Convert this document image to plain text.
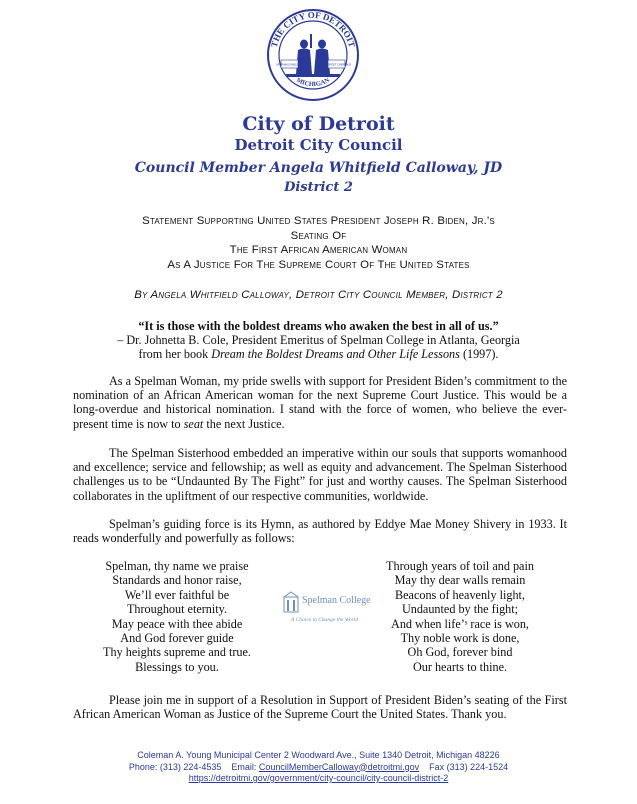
THE CITY OF DETROIT
MICHIGAN
SPERAMUS MELIORA	RESURGET CINERIBUS
City of Detroit
Detroit City Council
Council Member Angela Whitfield Calloway, JD
District 2
Statement Supporting United States President Joseph R. Biden, Jr.'s
Seating Of
The First African American Woman
As A Justice For The Supreme Court Of The United States
By Angela Whitfield Calloway, Detroit City Council Member, District 2
“It is those with the boldest dreams who awaken the best in all of us.”
– Dr. Johnetta B. Cole, President Emeritus of Spelman College in Atlanta, Georgia
from her book Dream the Boldest Dreams and Other Life Lessons (1997).
As a Spelman Woman, my pride swells with support for President Biden’s commitment to the nomination of an African American woman for the next Supreme Court Justice. This would be a long-overdue and historical nomination. I stand with the force of women, who believe the ever-present time is now to seat the next Justice.
The Spelman Sisterhood embedded an imperative within our souls that supports womanhood and excellence; service and fellowship; as well as equity and advancement. The Spelman Sisterhood challenges us to be “Undaunted By The Fight” for just and worthy causes. The Spelman Sisterhood collaborates in the upliftment of our respective communities, worldwide.
Spelman’s guiding force is its Hymn, as authored by Eddye Mae Money Shivery in 1933. It reads wonderfully and powerfully as follows:
Spelman, thy name we praise
Standards and honor raise,
We’ll ever faithful be
Throughout eternity.
May peace with thee abide
And God forever guide
Thy heights supreme and true.
Blessings to you.
Through years of toil and pain
May thy dear walls remain
Beacons of heavenly light,
Undaunted by the fight;
And when life’ˢ race is won,
Thy noble work is done,
Oh God, forever bind
Our hearts to thine.
Spelman College
A Choice to Change the World
Please join me in support of a Resolution in Support of President Biden’s seating of the First African American Woman as Justice of the Supreme Court the United States. Thank you.
Coleman A. Young Municipal Center 2 Woodward Ave., Suite 1340 Detroit, Michigan 48226
Phone: (313) 224-4535    Email: CouncilMemberCalloway@detroitmi.gov    Fax (313) 224-1524
https://detroitmi.gov/government/city-council/city-council-district-2
